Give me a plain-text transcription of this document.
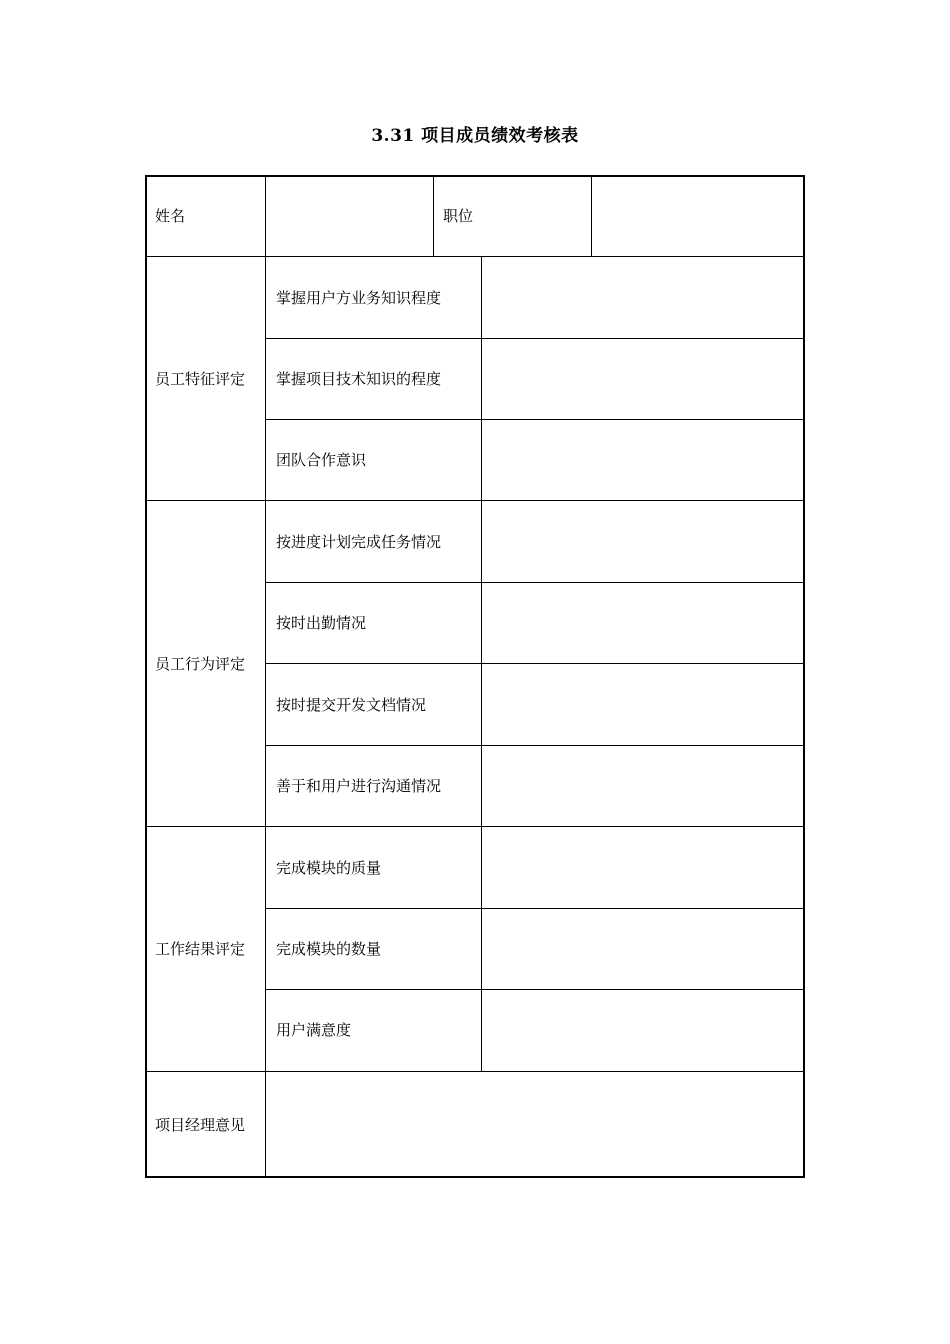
3.31 项目成员绩效考核表
姓名	职位
员工特征评定
掌握用户方业务知识程度
掌握项目技术知识的程度
团队合作意识
员工行为评定
按进度计划完成任务情况
按时出勤情况
按时提交开发文档情况
善于和用户进行沟通情况
工作结果评定
完成模块的质量
完成模块的数量
用户满意度
项目经理意见
